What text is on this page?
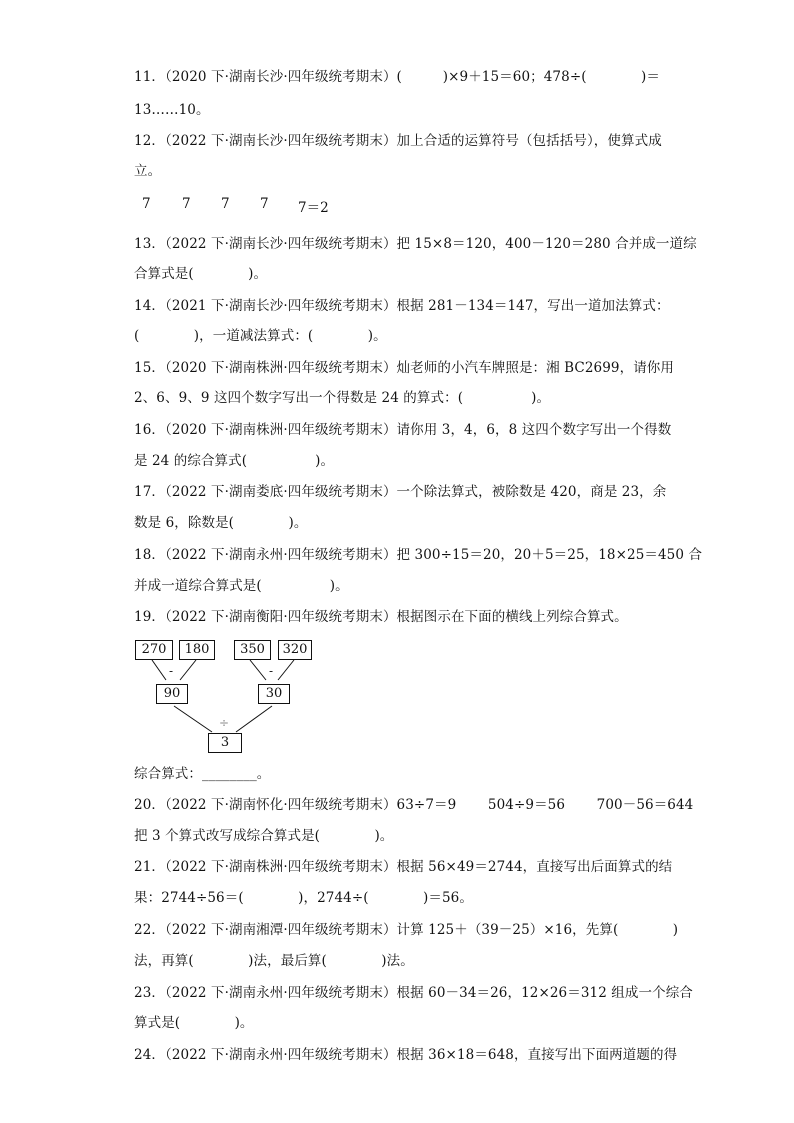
11．（2020 下·湖南长沙·四年级统考期末）(　　　)×9＋15＝60；478÷(　　　　)＝
13……10。
12．（2022 下·湖南长沙·四年级统考期末）加上合适的运算符号（包括括号），使算式成
立。
7 7 7 7 7＝2
13．（2022 下·湖南长沙·四年级统考期末）把 15×8＝120，400－120＝280 合并成一道综
合算式是(　　　　)。
14．（2021 下·湖南长沙·四年级统考期末）根据 281－134＝147，写出一道加法算式：
(　　　　)，一道减法算式：(　　　　)。
15．（2020 下·湖南株洲·四年级统考期末）灿老师的小汽车牌照是：湘 BC2699，请你用
2、6、9、9 这四个数字写出一个得数是 24 的算式：(　　　　　)。
16．（2020 下·湖南株洲·四年级统考期末）请你用 3，4，6，8 这四个数字写出一个得数
是 24 的综合算式(　　　　　)。
17．（2022 下·湖南娄底·四年级统考期末）一个除法算式，被除数是 420，商是 23，余
数是 6，除数是(　　　　)。
18．（2022 下·湖南永州·四年级统考期末）把 300÷15＝20，20＋5＝25，18×25＝450 合
并成一道综合算式是(　　　　　)。
19．（2022 下·湖南衡阳·四年级统考期末）根据图示在下面的横线上列综合算式。
270	180	350	320
-	-
90	30
÷
3
综合算式：________。
20．（2022 下·湖南怀化·四年级统考期末）63÷7＝9　　 504÷9＝56　　 700－56＝644
把 3 个算式改写成综合算式是(　　　　)。
21．（2022 下·湖南株洲·四年级统考期末）根据 56×49＝2744，直接写出后面算式的结
果：2744÷56＝(　　　　)，2744÷(　　　　)＝56。
22．（2022 下·湖南湘潭·四年级统考期末）计算 125＋（39－25）×16，先算(　　　　)
法，再算(　　　　)法，最后算(　　　　)法。
23．（2022 下·湖南永州·四年级统考期末）根据 60－34＝26，12×26＝312 组成一个综合
算式是(　　　　)。
24．（2022 下·湖南永州·四年级统考期末）根据 36×18＝648，直接写出下面两道题的得
